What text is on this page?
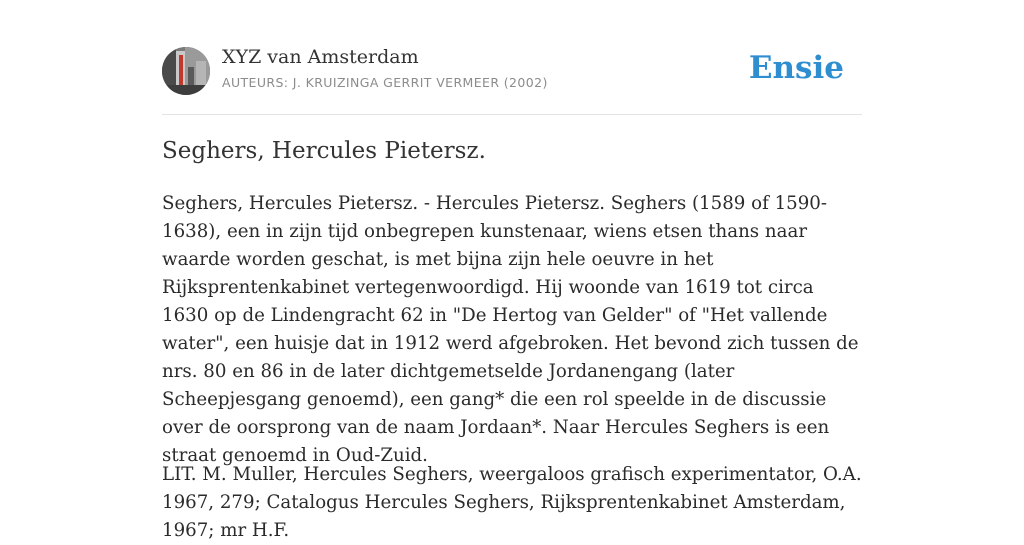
XYZ van Amsterdam
AUTEURS: J. KRUIZINGA GERRIT VERMEER (2002)	Ensie
Seghers, Hercules Pietersz.

Seghers, Hercules Pietersz. - Hercules Pietersz. Seghers (1589 of 1590-1638), een in zijn tijd onbegrepen kunstenaar, wiens etsen thans naar waarde worden geschat, is met bijna zijn hele oeuvre in het Rijksprentenkabinet vertegenwoordigd. Hij woonde van 1619 tot circa 1630 op de Lindengracht 62 in "De Hertog van Gelder" of "Het vallende water", een huisje dat in 1912 werd afgebroken. Het bevond zich tussen de nrs. 80 en 86 in de later dichtgemetselde Jordanengang (later Scheepjesgang genoemd), een gang* die een rol speelde in de discussie over de oorsprong van de naam Jordaan*. Naar Hercules Seghers is een straat genoemd in Oud-Zuid.

LIT. M. Muller, Hercules Seghers, weergaloos grafisch experimentator, O.A. 1967, 279; Catalogus Hercules Seghers, Rijksprentenkabinet Amsterdam, 1967; mr H.F.
